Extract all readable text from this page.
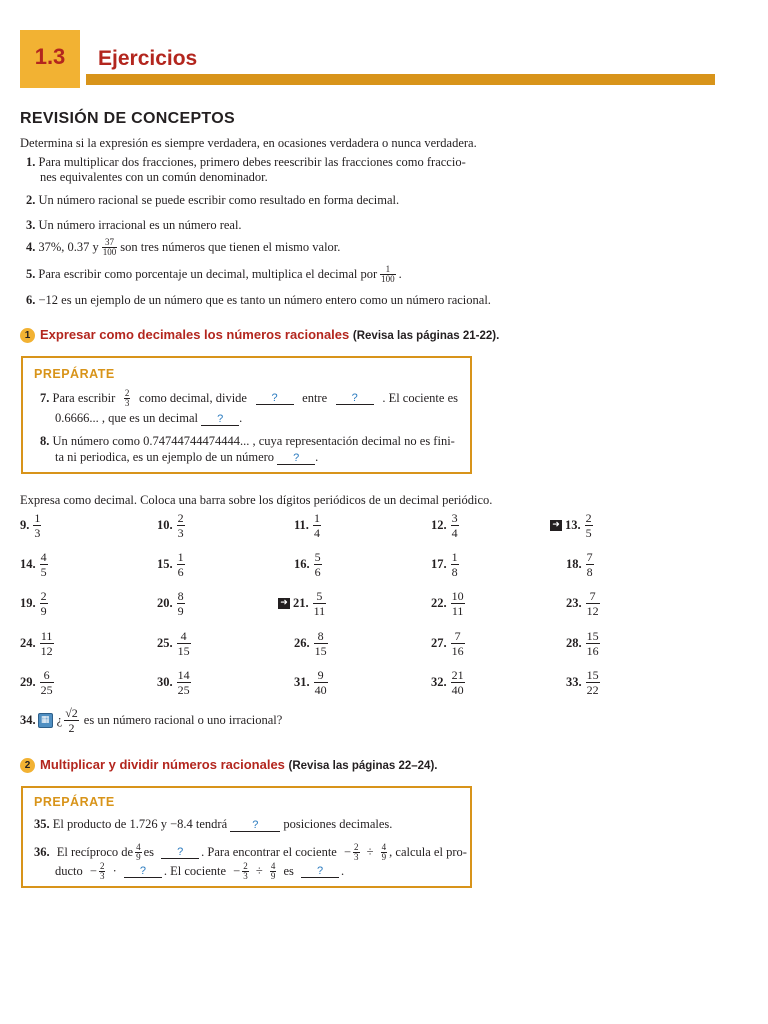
1.3	Ejercicios
REVISIÓN DE CONCEPTOS
Determina si la expresión es siempre verdadera, en ocasiones verdadera o nunca verdadera.
1. Para multiplicar dos fracciones, primero debes reescribir las fracciones como fraccio-
nes equivalentes con un común denominador.
2. Un número racional se puede escribir como resultado en forma decimal.
3. Un número irracional es un número real.
4. 37%, 0.37 y $\frac{37}{100}$ son tres números que tienen el mismo valor.
5. Para escribir como porcentaje un decimal, multiplica el decimal por $\frac{1}{100}$ .
6. −12 es un ejemplo de un número que es tanto un número entero como un número racional.
1 Expresar como decimales los números racionales (Revisa las páginas 21-22).
PREPÁRATE
7. Para escribir $\frac{2}{3}$ como decimal, divide	?	entre	?	. El cociente es
0.6666... , que es un decimal ? .
8. Un número como 0.74744744474444... , cuya representación decimal no es fini-
ta ni periodica, es un ejemplo de un número ? .
Expresa como decimal. Coloca una barra sobre los dígitos periódicos de un decimal periódico.
9. $\frac{1}{3}$	10. $\frac{2}{3}$	11. $\frac{1}{4}$	12. $\frac{3}{4}$	➜ 13. $\frac{2}{5}$
14. $\frac{4}{5}$	15. $\frac{1}{6}$	16. $\frac{5}{6}$	17. $\frac{1}{8}$	18. $\frac{7}{8}$
19. $\frac{2}{9}$	20. $\frac{8}{9}$	➜ 21. $\frac{5}{11}$	22. $\frac{10}{11}$	23. $\frac{7}{12}$
24. $\frac{11}{12}$	25. $\frac{4}{15}$	26. $\frac{8}{15}$	27. $\frac{7}{16}$	28. $\frac{15}{16}$
29. $\frac{6}{25}$	30. $\frac{14}{25}$	31. $\frac{9}{40}$	32. $\frac{21}{40}$	33. $\frac{15}{22}$
34. ▦ ¿ $\frac{√2}{2}$ es un número racional o uno irracional?
2 Multiplicar y dividir números racionales (Revisa las páginas 22–24).
PREPÁRATE
35. El producto de 1.726 y −8.4 tendrá ? posiciones decimales.
36.
El recíproco de $\frac{4}{9}$ es
	?	. Para encontrar el cociente
− $\frac{2}{3}$
÷
$\frac{4}{9}$ , calcula el pro-
ducto
− $\frac{2}{3}$
·
	?	. El cociente
− $\frac{2}{3}$
÷
$\frac{4}{9}$
es
	?	.
